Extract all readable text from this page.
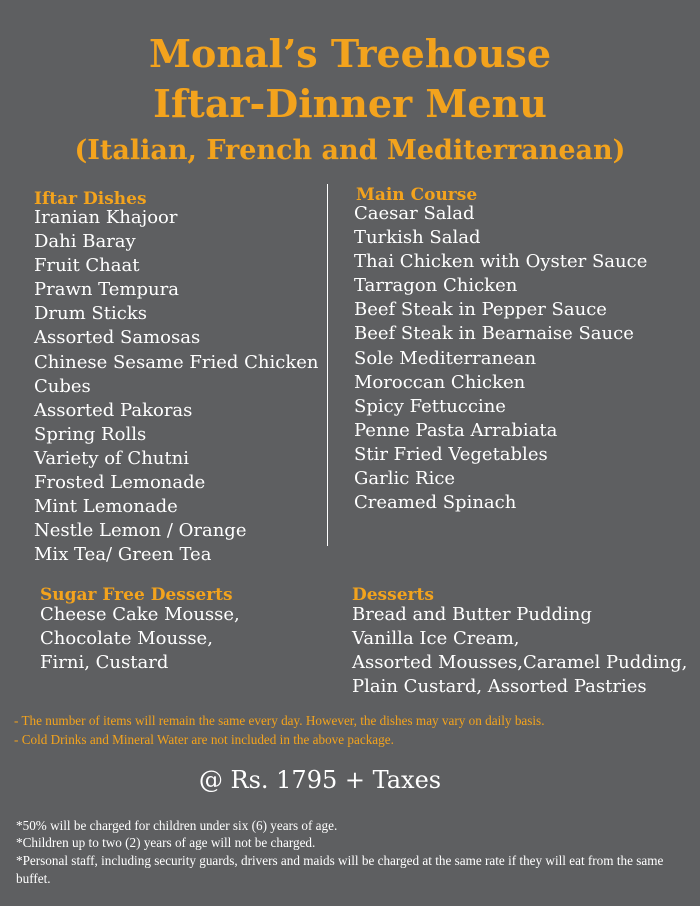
Monal’s Treehouse
Iftar-Dinner Menu
(Italian, French and Mediterranean)
Iftar Dishes
Iranian Khajoor
Dahi Baray
Fruit Chaat
Prawn Tempura
Drum Sticks
Assorted Samosas
Chinese Sesame Fried Chicken
Cubes
Assorted Pakoras
Spring Rolls
Variety of Chutni
Frosted Lemonade
Mint Lemonade
Nestle Lemon / Orange
Mix Tea/ Green Tea
Main Course
Caesar Salad
Turkish Salad
Thai Chicken with Oyster Sauce
Tarragon Chicken
Beef Steak in Pepper Sauce
Beef Steak in Bearnaise Sauce
Sole Mediterranean
Moroccan Chicken
Spicy Fettuccine
Penne Pasta Arrabiata
Stir Fried Vegetables
Garlic Rice
Creamed Spinach
Sugar Free Desserts
Cheese Cake Mousse,
Chocolate Mousse,
Firni, Custard
Desserts
Bread and Butter Pudding
Vanilla Ice Cream,
Assorted Mousses,Caramel Pudding,
Plain Custard, Assorted Pastries
- The number of items will remain the same every day. However, the dishes may vary on daily basis.
- Cold Drinks and Mineral Water are not included in the above package.
@ Rs. 1795 + Taxes
*50% will be charged for children under six (6) years of age.
*Children up to two (2) years of age will not be charged.
*Personal staff, including security guards, drivers and maids will be charged at the same rate if they will eat from the same buffet.
